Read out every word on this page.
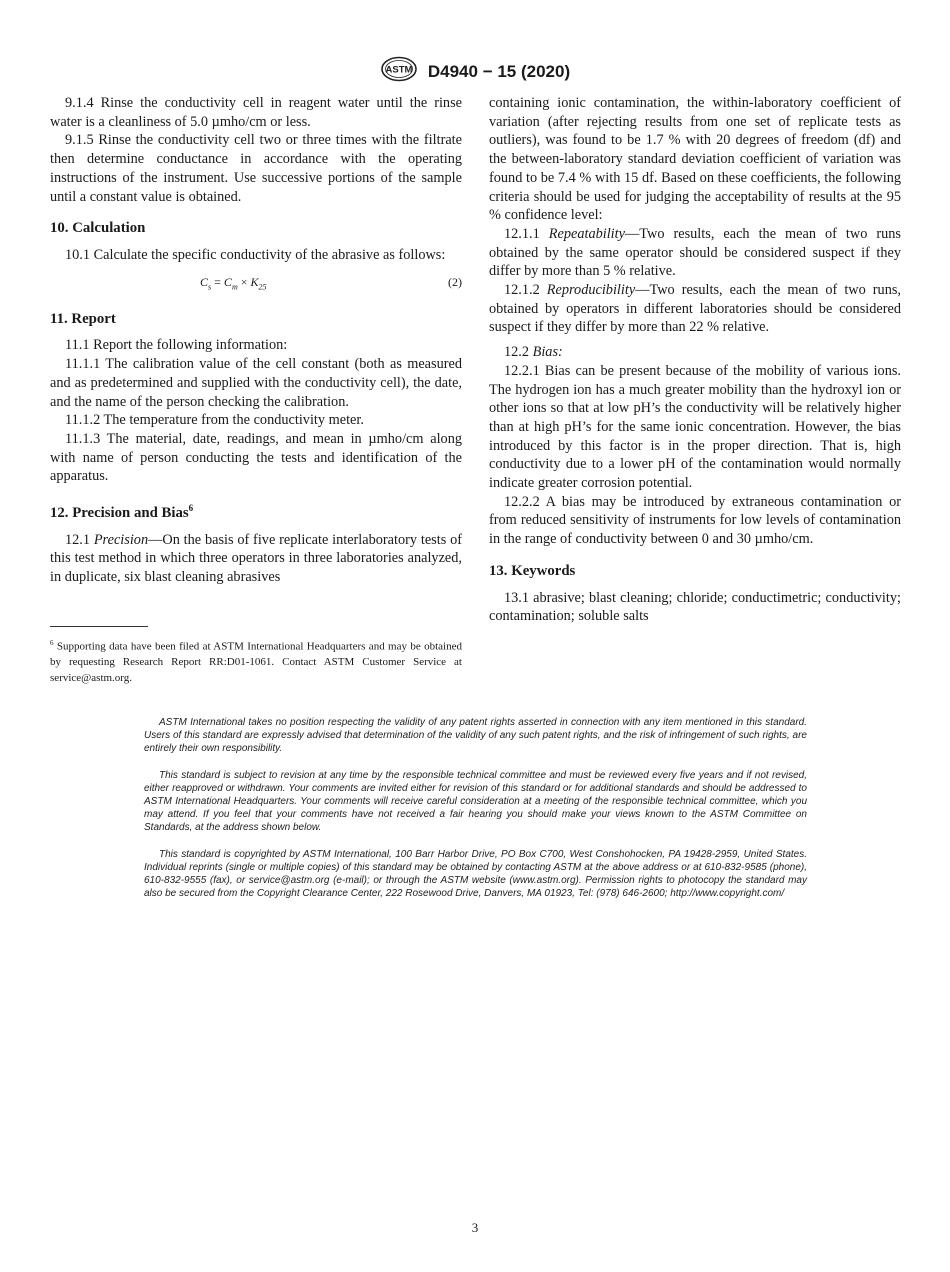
ASTM D4940 − 15 (2020)

9.1.4 Rinse the conductivity cell in reagent water until the rinse water is a cleanliness of 5.0 µmho/cm or less.

9.1.5 Rinse the conductivity cell two or three times with the filtrate then determine conductance in accordance with the operating instructions of the instrument. Use successive portions of the sample until a constant value is obtained.

10. Calculation

10.1 Calculate the specific conductivity of the abrasive as follows:

$C_s = C_m \times K_{25}$	(2)
11. Report

11.1 Report the following information:

11.1.1 The calibration value of the cell constant (both as measured and as predetermined and supplied with the conductivity cell), the date, and the name of the person checking the calibration.

11.1.2 The temperature from the conductivity meter.

11.1.3 The material, date, readings, and mean in µmho/cm along with name of person conducting the tests and identification of the apparatus.

12. Precision and Bias$^6$

12.1 Precision—On the basis of five replicate interlaboratory tests of this test method in which three operators in three laboratories analyzed, in duplicate, six blast cleaning abrasives

containing ionic contamination, the within-laboratory coefficient of variation (after rejecting results from one set of replicate tests as outliers), was found to be 1.7 % with 20 degrees of freedom (df) and the between-laboratory standard deviation coefficient of variation was found to be 7.4 % with 15 df. Based on these coefficients, the following criteria should be used for judging the acceptability of results at the 95 % confidence level:

12.1.1 Repeatability—Two results, each the mean of two runs obtained by the same operator should be considered suspect if they differ by more than 5 % relative.

12.1.2 Reproducibility—Two results, each the mean of two runs, obtained by operators in different laboratories should be considered suspect if they differ by more than 22 % relative.

12.2 Bias:

12.2.1 Bias can be present because of the mobility of various ions. The hydrogen ion has a much greater mobility than the hydroxyl ion or other ions so that at low pH’s the conductivity will be relatively higher than at high pH’s for the same ionic concentration. However, the bias introduced by this factor is in the proper direction. That is, high conductivity due to a lower pH of the contamination would normally indicate greater corrosion potential.

12.2.2 A bias may be introduced by extraneous contamination or from reduced sensitivity of instruments for low levels of contamination in the range of conductivity between 0 and 30 µmho/cm.

13. Keywords

13.1 abrasive; blast cleaning; chloride; conductimetric; conductivity; contamination; soluble salts

$^6$ Supporting data have been filed at ASTM International Headquarters and may be obtained by requesting Research Report RR:D01-1061. Contact ASTM Customer Service at service@astm.org.

ASTM International takes no position respecting the validity of any patent rights asserted in connection with any item mentioned in this standard. Users of this standard are expressly advised that determination of the validity of any such patent rights, and the risk of infringement of such rights, are entirely their own responsibility.

This standard is subject to revision at any time by the responsible technical committee and must be reviewed every five years and if not revised, either reapproved or withdrawn. Your comments are invited either for revision of this standard or for additional standards and should be addressed to ASTM International Headquarters. Your comments will receive careful consideration at a meeting of the responsible technical committee, which you may attend. If you feel that your comments have not received a fair hearing you should make your views known to the ASTM Committee on Standards, at the address shown below.

This standard is copyrighted by ASTM International, 100 Barr Harbor Drive, PO Box C700, West Conshohocken, PA 19428-2959, United States. Individual reprints (single or multiple copies) of this standard may be obtained by contacting ASTM at the above address or at 610-832-9585 (phone), 610-832-9555 (fax), or service@astm.org (e-mail); or through the ASTM website (www.astm.org). Permission rights to photocopy the standard may also be secured from the Copyright Clearance Center, 222 Rosewood Drive, Danvers, MA 01923, Tel: (978) 646-2600; http://www.copyright.com/

3
